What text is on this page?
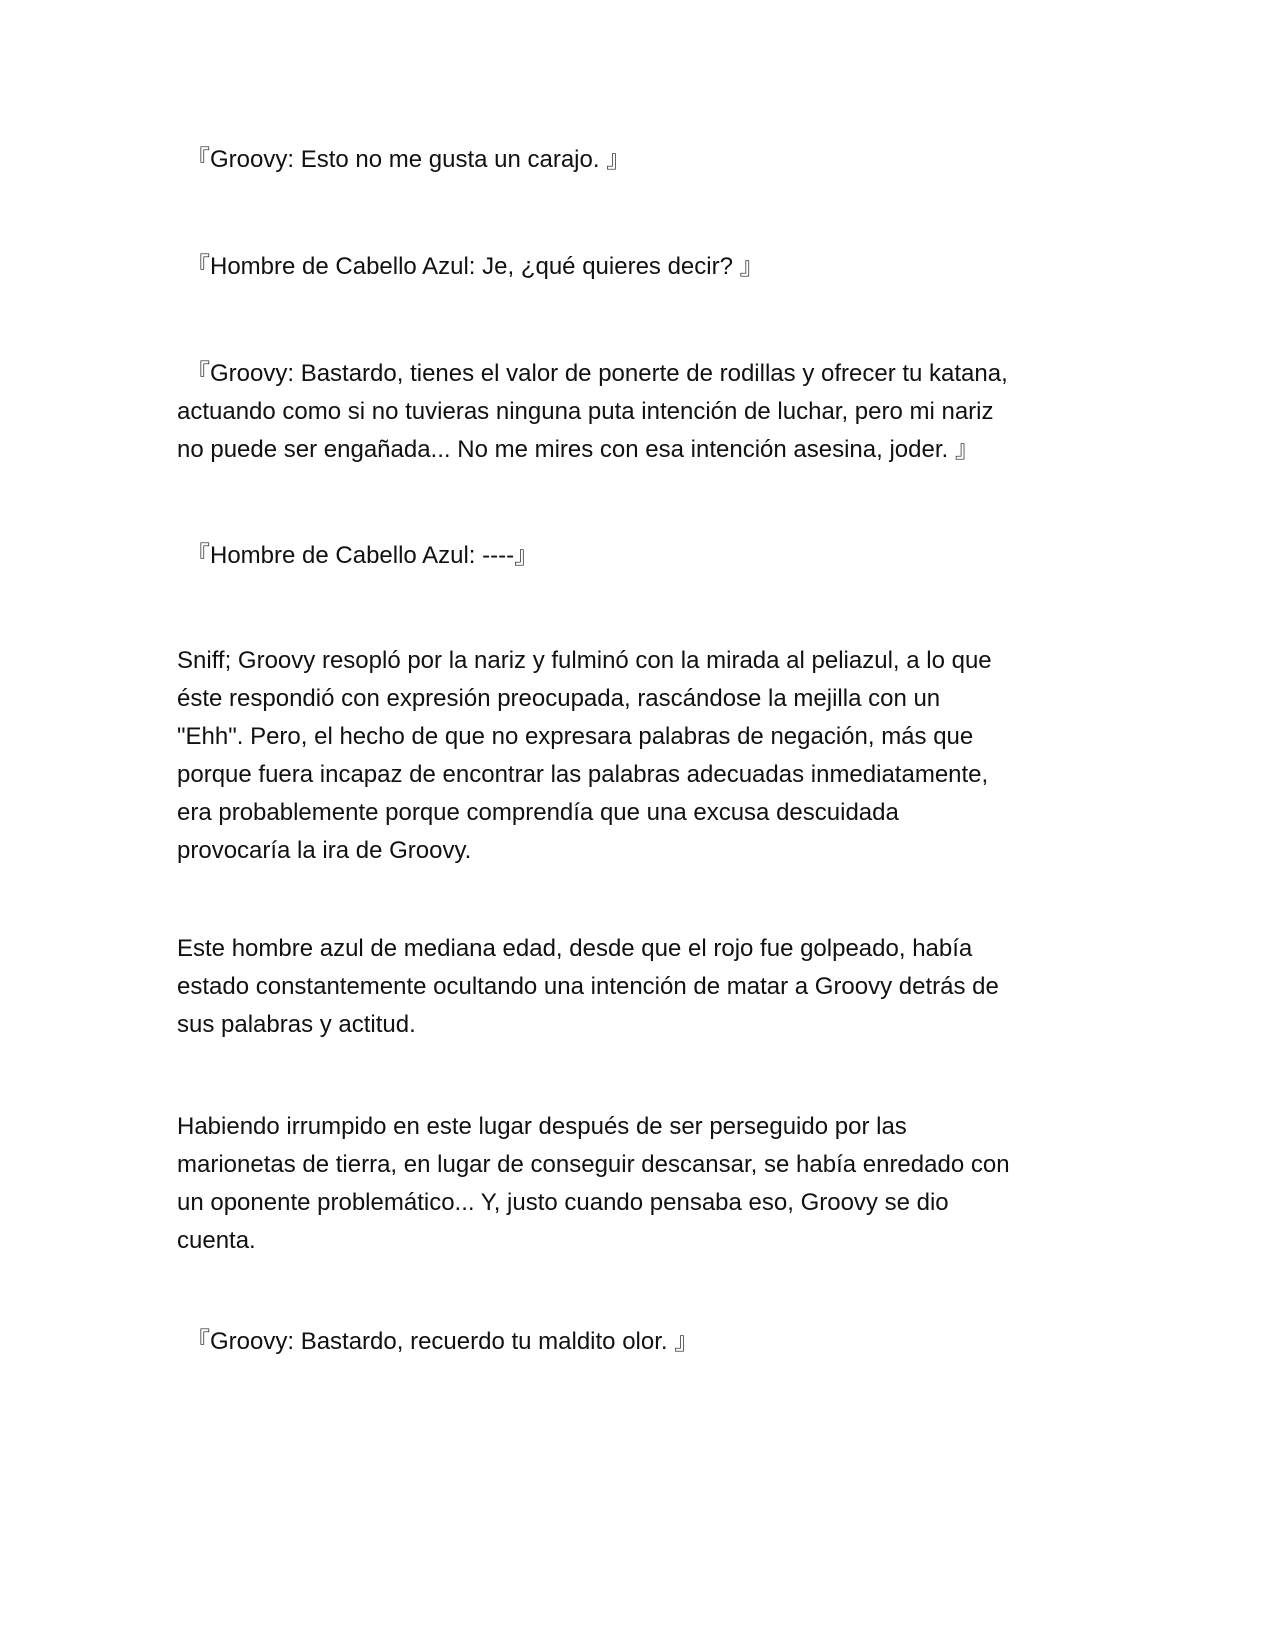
『Groovy: Esto no me gusta un carajo. 』

『Hombre de Cabello Azul: Je, ¿qué quieres decir? 』

『Groovy: Bastardo, tienes el valor de ponerte de rodillas y ofrecer tu katana,
actuando como si no tuvieras ninguna puta intención de luchar, pero mi nariz
no puede ser engañada... No me mires con esa intención asesina, joder. 』

『Hombre de Cabello Azul: ----』

Sniff; Groovy resopló por la nariz y fulminó con la mirada al peliazul, a lo que
éste respondió con expresión preocupada, rascándose la mejilla con un
"Ehh". Pero, el hecho de que no expresara palabras de negación, más que
porque fuera incapaz de encontrar las palabras adecuadas inmediatamente,
era probablemente porque comprendía que una excusa descuidada
provocaría la ira de Groovy.

Este hombre azul de mediana edad, desde que el rojo fue golpeado, había
estado constantemente ocultando una intención de matar a Groovy detrás de
sus palabras y actitud.

Habiendo irrumpido en este lugar después de ser perseguido por las
marionetas de tierra, en lugar de conseguir descansar, se había enredado con
un oponente problemático... Y, justo cuando pensaba eso, Groovy se dio
cuenta.

『Groovy: Bastardo, recuerdo tu maldito olor. 』
